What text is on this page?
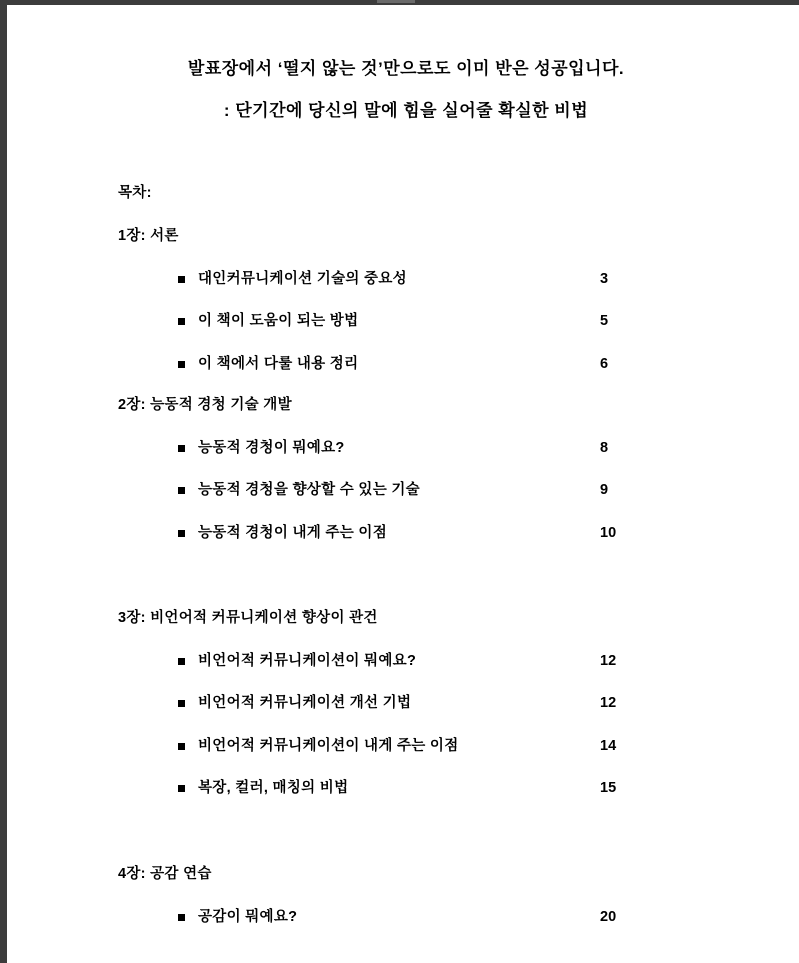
발표장에서 ‘떨지 않는 것’만으로도 이미 반은 성공입니다.
: 단기간에 당신의 말에 힘을 실어줄 확실한 비법
목차:
1장: 서론
대인커뮤니케이션 기술의 중요성	3
이 책이 도움이 되는 방법	5
이 책에서 다룰 내용 정리	6
2장: 능동적 경청 기술 개발
능동적 경청이 뭐예요?	8
능동적 경청을 향상할 수 있는 기술	9
능동적 경청이 내게 주는 이점	10
3장: 비언어적 커뮤니케이션 향상이 관건
비언어적 커뮤니케이션이 뭐예요?	12
비언어적 커뮤니케이션 개선 기법	12
비언어적 커뮤니케이션이 내게 주는 이점	14
복장, 컬러, 매칭의 비법	15
4장: 공감 연습
공감이 뭐예요?	20
